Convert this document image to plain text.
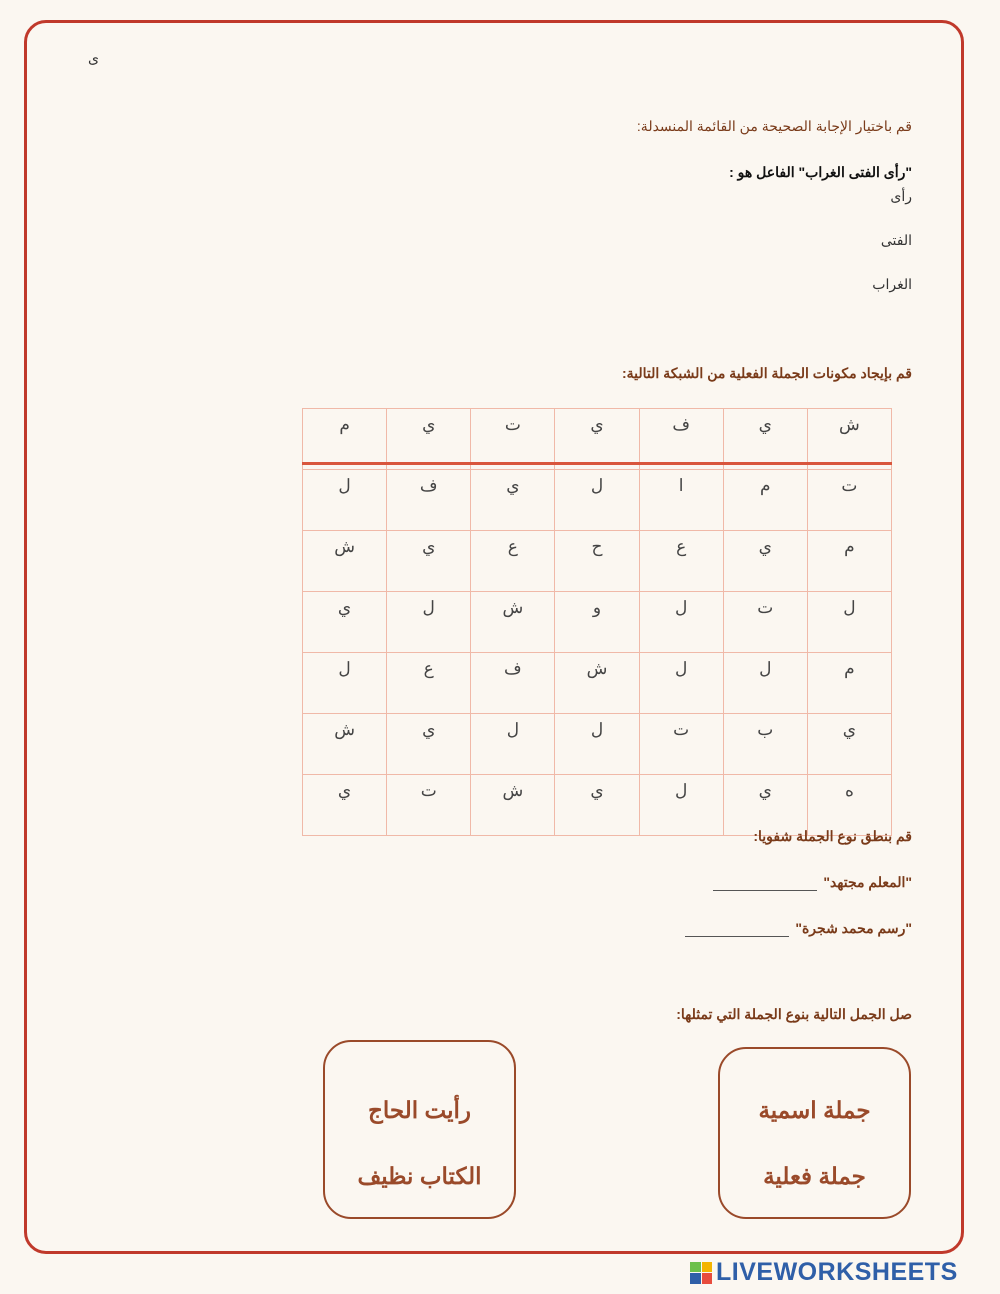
ى
قم باختيار الإجابة الصحيحة من القائمة المنسدلة:
"رأى الفتى الغراب" الفاعل هو :
رأى
الفتى
الغراب
قم بإيجاد مكونات الجملة الفعلية من الشبكة التالية:
ش	ي	ف	ي	ت	ي	م
ت	م	ا	ل	ي	ف	ل
م	ي	ع	ح	ع	ي	ش
ل	ت	ل	و	ش	ل	ي
م	ل	ل	ش	ف	ع	ل
ي	ب	ت	ل	ل	ي	ش
ه	ي	ل	ي	ش	ت	ي
قم بنطق نوع الجملة شفويا:
"المعلم مجتهد"
"رسم محمد شجرة"
صل الجمل التالية بنوع الجملة التي تمثلها:
رأيت الحاج
الكتاب نظيف
جملة اسمية
جملة فعلية
LIVEWORKSHEETS
